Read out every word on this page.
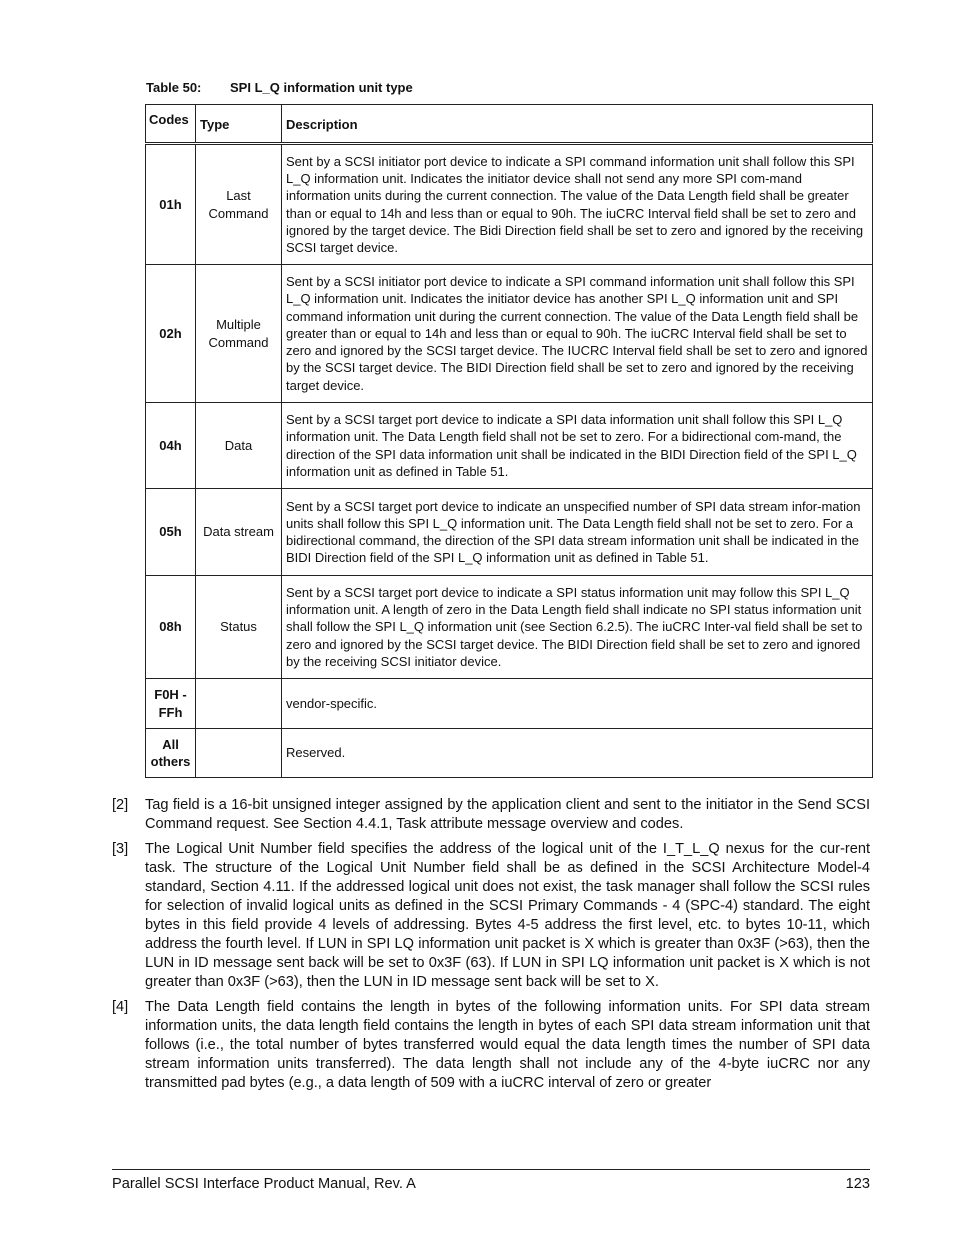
Table 50: SPI L_Q information unit type
Codes	Type	Description
01h	Last Command	Sent by a SCSI initiator port device to indicate a SPI command information unit shall follow this SPI L_Q information unit. Indicates the initiator device shall not send any more SPI com-mand information units during the current connection. The value of the Data Length field shall be greater than or equal to 14h and less than or equal to 90h. The iuCRC Interval field shall be set to zero and ignored by the target device. The Bidi Direction field shall be set to zero and ignored by the receiving SCSI target device.
02h	Multiple Command	Sent by a SCSI initiator port device to indicate a SPI command information unit shall follow this SPI L_Q information unit. Indicates the initiator device has another SPI L_Q information unit and SPI command information unit during the current connection. The value of the Data Length field shall be greater than or equal to 14h and less than or equal to 90h. The iuCRC Interval field shall be set to zero and ignored by the SCSI target device. The IUCRC Interval field shall be set to zero and ignored by the SCSI target device. The BIDI Direction field shall be set to zero and ignored by the receiving target device.
04h	Data	Sent by a SCSI target port device to indicate a SPI data information unit shall follow this SPI L_Q information unit. The Data Length field shall not be set to zero. For a bidirectional com-mand, the direction of the SPI data information unit shall be indicated in the BIDI Direction field of the SPI L_Q information unit as defined in Table 51.
05h	Data stream	Sent by a SCSI target port device to indicate an unspecified number of SPI data stream infor-mation units shall follow this SPI L_Q information unit. The Data Length field shall not be set to zero. For a bidirectional command, the direction of the SPI data stream information unit shall be indicated in the BIDI Direction field of the SPI L_Q information unit as defined in Table 51.
08h	Status	Sent by a SCSI target port device to indicate a SPI status information unit may follow this SPI L_Q information unit. A length of zero in the Data Length field shall indicate no SPI status information unit shall follow the SPI L_Q information unit (see Section 6.2.5). The iuCRC Inter-val field shall be set to zero and ignored by the SCSI target device. The BIDI Direction field shall be set to zero and ignored by the receiving SCSI initiator device.
F0H - FFh		vendor-specific.
All others		Reserved.
[2]	Tag field is a 16-bit unsigned integer assigned by the application client and sent to the initiator in the Send SCSI Command request. See Section 4.4.1, Task attribute message overview and codes.
[3]	The Logical Unit Number field specifies the address of the logical unit of the I_T_L_Q nexus for the cur-rent task. The structure of the Logical Unit Number field shall be as defined in the SCSI Architecture Model-4 standard, Section 4.11. If the addressed logical unit does not exist, the task manager shall follow the SCSI rules for selection of invalid logical units as defined in the SCSI Primary Commands - 4 (SPC-4) standard. The eight bytes in this field provide 4 levels of addressing. Bytes 4-5 address the first level, etc. to bytes 10-11, which address the fourth level. If LUN in SPI LQ information unit packet is X which is greater than 0x3F (>63), then the LUN in ID message sent back will be set to 0x3F (63). If LUN in SPI LQ information unit packet is X which is not greater than 0x3F (>63), then the LUN in ID message sent back will be set to X.
[4]	The Data Length field contains the length in bytes of the following information units. For SPI data stream information units, the data length field contains the length in bytes of each SPI data stream information unit that follows (i.e., the total number of bytes transferred would equal the data length times the number of SPI data stream information units transferred). The data length shall not include any of the 4-byte iuCRC nor any transmitted pad bytes (e.g., a data length of 509 with a iuCRC interval of zero or greater
Parallel SCSI Interface Product Manual, Rev. A	123
